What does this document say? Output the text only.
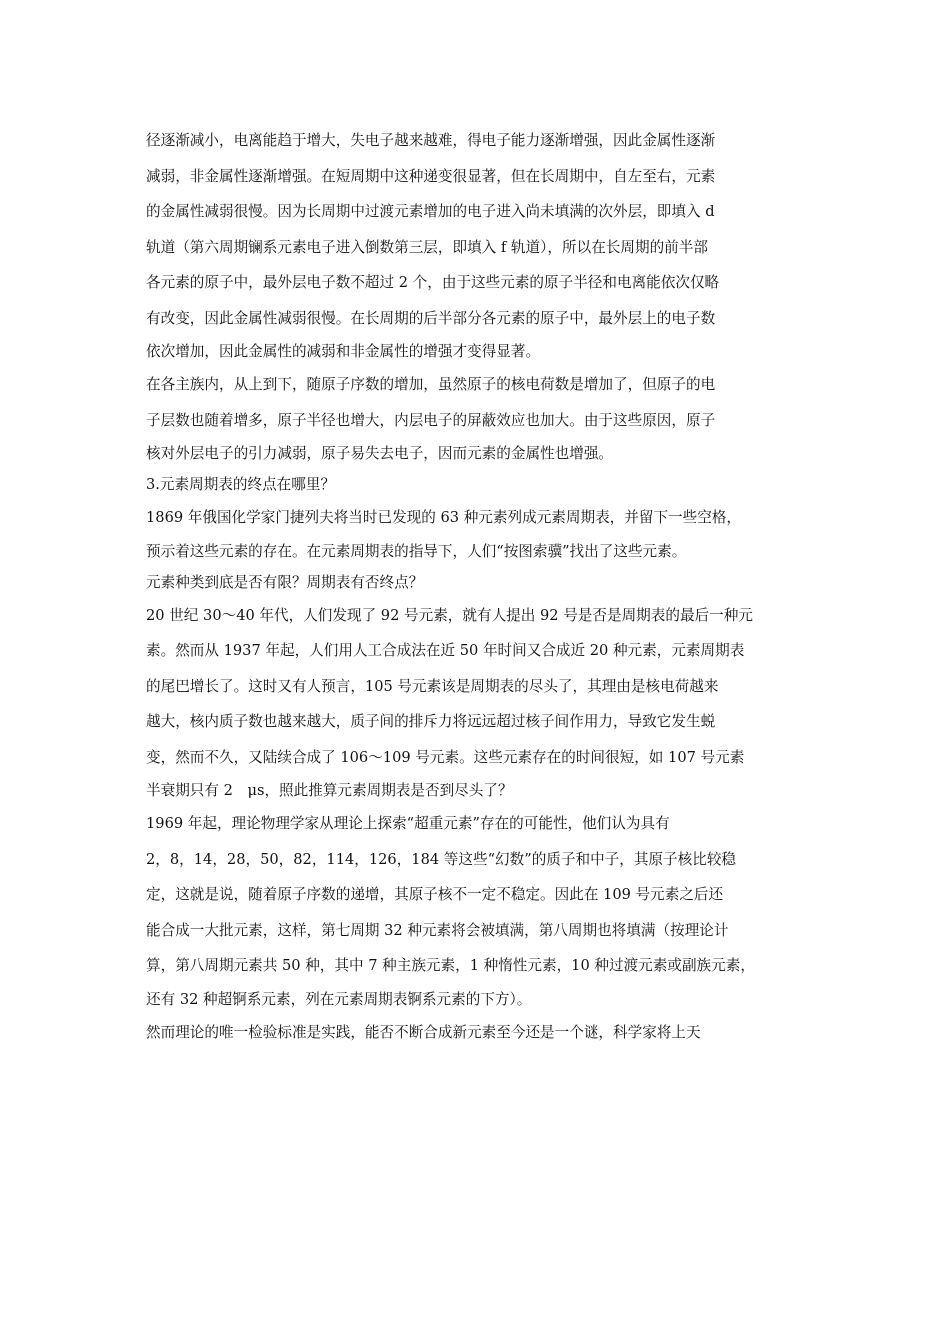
径逐渐减小，电离能趋于增大，失电子越来越难，得电子能力逐渐增强，因此金属性逐渐
减弱，非金属性逐渐增强。在短周期中这种递变很显著，但在长周期中，自左至右，元素
的金属性减弱很慢。因为长周期中过渡元素增加的电子进入尚未填满的次外层，即填入 d
轨道（第六周期镧系元素电子进入倒数第三层，即填入 f 轨道），所以在长周期的前半部
各元素的原子中，最外层电子数不超过 2 个，由于这些元素的原子半径和电离能依次仅略
有改变，因此金属性减弱很慢。在长周期的后半部分各元素的原子中，最外层上的电子数
依次增加，因此金属性的减弱和非金属性的增强才变得显著。

在各主族内，从上到下，随原子序数的增加，虽然原子的核电荷数是增加了，但原子的电
子层数也随着增多，原子半径也增大，内层电子的屏蔽效应也加大。由于这些原因，原子
核对外层电子的引力减弱，原子易失去电子，因而元素的金属性也增强。

3.元素周期表的终点在哪里？

1869 年俄国化学家门捷列夫将当时已发现的 63 种元素列成元素周期表，并留下一些空格，
预示着这些元素的存在。在元素周期表的指导下，人们“按图索骥”找出了这些元素。

元素种类到底是否有限？周期表有否终点？

20 世纪 30～40 年代，人们发现了 92 号元素，就有人提出 92 号是否是周期表的最后一种元
素。然而从 1937 年起，人们用人工合成法在近 50 年时间又合成近 20 种元素，元素周期表
的尾巴增长了。这时又有人预言，105 号元素该是周期表的尽头了，其理由是核电荷越来
越大，核内质子数也越来越大，质子间的排斥力将远远超过核子间作用力，导致它发生蜕
变，然而不久，又陆续合成了 106～109 号元素。这些元素存在的时间很短，如 107 号元素
半衰期只有 2　μs，照此推算元素周期表是否到尽头了？

1969 年起，理论物理学家从理论上探索“超重元素”存在的可能性，他们认为具有
2，8，14，28，50，82，114，126，184 等这些“幻数”的质子和中子，其原子核比较稳
定，这就是说，随着原子序数的递增，其原子核不一定不稳定。因此在 109 号元素之后还
能合成一大批元素，这样，第七周期 32 种元素将会被填满，第八周期也将填满（按理论计
算，第八周期元素共 50 种，其中 7 种主族元素，1 种惰性元素，10 种过渡元素或副族元素，
还有 32 种超锕系元素，列在元素周期表锕系元素的下方）。

然而理论的唯一检验标准是实践，能否不断合成新元素至今还是一个谜，科学家将上天
